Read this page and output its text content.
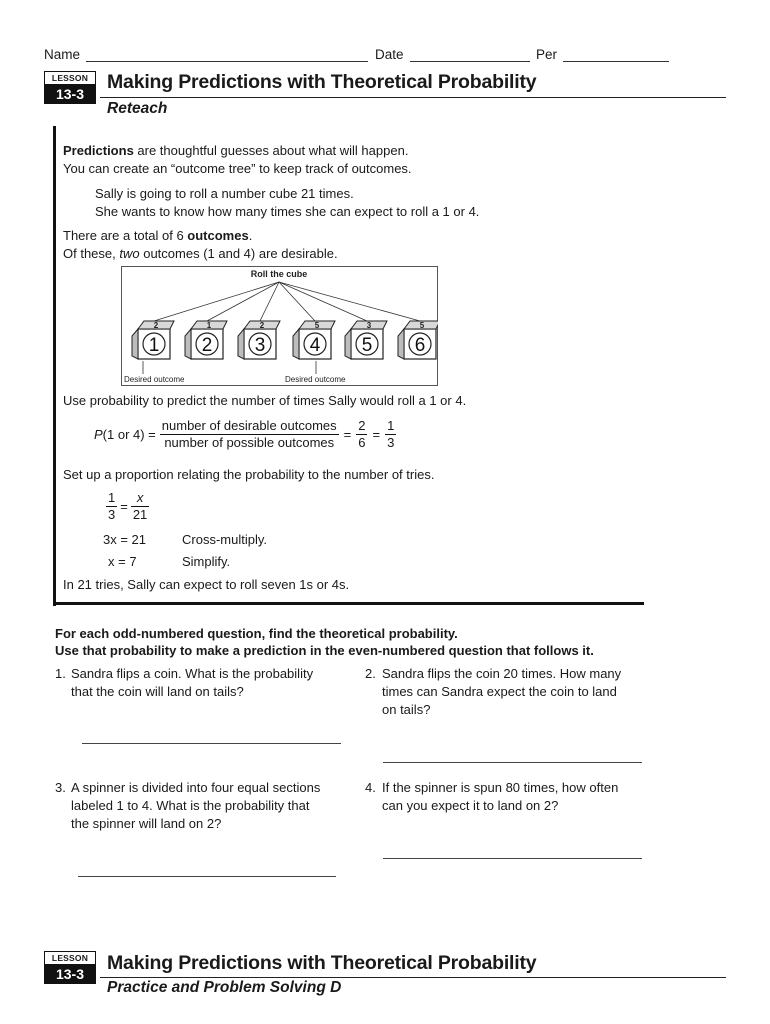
Name	Date	Per
LESSON
13-3
Making Predictions with Theoretical Probability
Reteach
Predictions are thoughtful guesses about what will happen.
You can create an “outcome tree” to keep track of outcomes.
Sally is going to roll a number cube 21 times.
She wants to know how many times she can expect to roll a 1 or 4.
There are a total of 6 outcomes.
Of these, two outcomes (1 and 4) are desirable.
Roll the cube
2
1
1
2
2
3
5
4
3
5
5
6
Desired outcome	Desired outcome
Use probability to predict the number of times Sally would roll a 1 or 4.
P(1 or $4) = \frac{\text{number of desirable outcomes}}{\text{number of possible outcomes}} = \frac{2}{6} = \frac{1}{3}$
Set up a proportion relating the probability to the number of tries.
$\frac{1}{3} = \frac{x}{21}$
3x = 21	Cross-multiply.
x = 7	Simplify.
In 21 tries, Sally can expect to roll seven 1s or 4s.
For each odd-numbered question, find the theoretical probability.
Use that probability to make a prediction in the even-numbered question that follows it.
1. Sandra flips a coin. What is the probability
that the coin will land on tails?
2. Sandra flips the coin 20 times. How many
times can Sandra expect the coin to land
on tails?
3. A spinner is divided into four equal sections
labeled 1 to 4. What is the probability that
the spinner will land on 2?
4. If the spinner is spun 80 times, how often
can you expect it to land on 2?
LESSON
13-3	Making Predictions with Theoretical Probability
Practice and Problem Solving D
